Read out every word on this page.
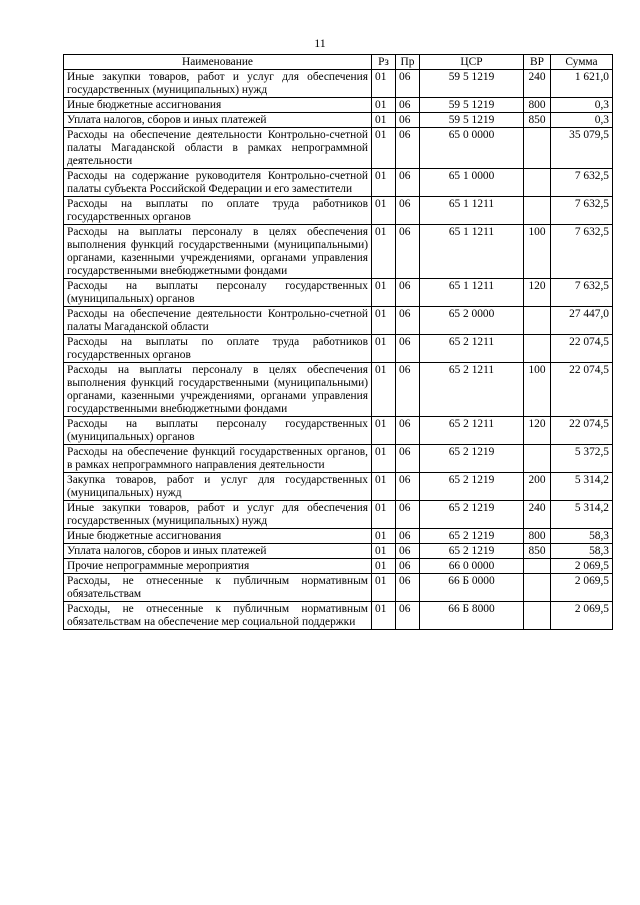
11
Наименование	Рз	Пр	ЦСР	ВР	Сумма
Иные закупки товаров, работ и услуг для обеспечения государственных (муниципальных) нужд	01	06	59 5 1219	240	1 621,0
Иные бюджетные ассигнования	01	06	59 5 1219	800	0,3
Уплата налогов, сборов и иных платежей	01	06	59 5 1219	850	0,3
Расходы на обеспечение деятельности Контрольно-счетной палаты Магаданской области в рамках непрограммной деятельности	01	06	65 0 0000		35 079,5
Расходы на содержание руководителя Контрольно-счетной палаты субъекта Российской Федерации и его заместители	01	06	65 1 0000		7 632,5
Расходы на выплаты по оплате труда работников государственных органов	01	06	65 1 1211		7 632,5
Расходы на выплаты персоналу в целях обеспечения выполнения функций государственными (муниципальными) органами, казенными учреждениями, органами управления государственными внебюджетными фондами	01	06	65 1 1211	100	7 632,5
Расходы на выплаты персоналу государственных (муниципальных) органов	01	06	65 1 1211	120	7 632,5
Расходы на обеспечение деятельности Контрольно-счетной палаты Магаданской области	01	06	65 2 0000		27 447,0
Расходы на выплаты по оплате труда работников государственных органов	01	06	65 2 1211		22 074,5
Расходы на выплаты персоналу в целях обеспечения выполнения функций государственными (муниципальными) органами, казенными учреждениями, органами управления государственными внебюджетными фондами	01	06	65 2 1211	100	22 074,5
Расходы на выплаты персоналу государственных (муниципальных) органов	01	06	65 2 1211	120	22 074,5
Расходы на обеспечение функций государственных органов, в рамках непрограммного направления деятельности	01	06	65 2 1219		5 372,5
Закупка товаров, работ и услуг для государственных (муниципальных) нужд	01	06	65 2 1219	200	5 314,2
Иные закупки товаров, работ и услуг для обеспечения государственных (муниципальных) нужд	01	06	65 2 1219	240	5 314,2
Иные бюджетные ассигнования	01	06	65 2 1219	800	58,3
Уплата налогов, сборов и иных платежей	01	06	65 2 1219	850	58,3
Прочие непрограммные мероприятия	01	06	66 0 0000		2 069,5
Расходы, не отнесенные к публичным нормативным обязательствам	01	06	66 Б 0000		2 069,5
Расходы, не отнесенные к публичным нормативным обязательствам на обеспечение мер социальной поддержки	01	06	66 Б 8000		2 069,5
